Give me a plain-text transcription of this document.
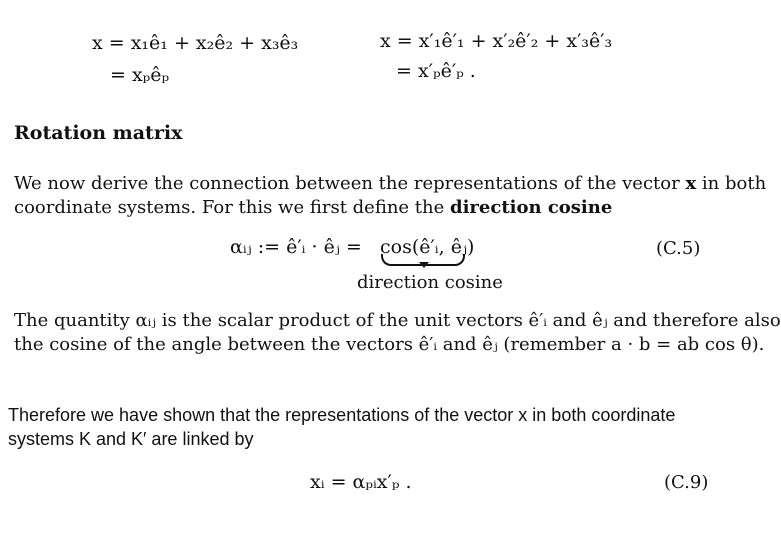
x = x₁ê₁ + x₂ê₂ + x₃ê₃
= xₚêₚ
x = x′₁ê′₁ + x′₂ê′₂ + x′₃ê′₃
= x′ₚê′ₚ .
Rotation matrix
We now derive the connection between the representations of the vector x in both
coordinate systems. For this we first define the direction cosine
αᵢⱼ := ê′ᵢ · êⱼ = cos(ê′ᵢ, êⱼ)
direction cosine
(C.5)
The quantity αᵢⱼ is the scalar product of the unit vectors ê′ᵢ and êⱼ and therefore also
the cosine of the angle between the vectors ê′ᵢ and êⱼ (remember a · b = ab cos θ).
Therefore we have shown that the representations of the vector x in both coordinate
systems K and K′ are linked by
xᵢ = αₚᵢx′ₚ .	(C.9)
